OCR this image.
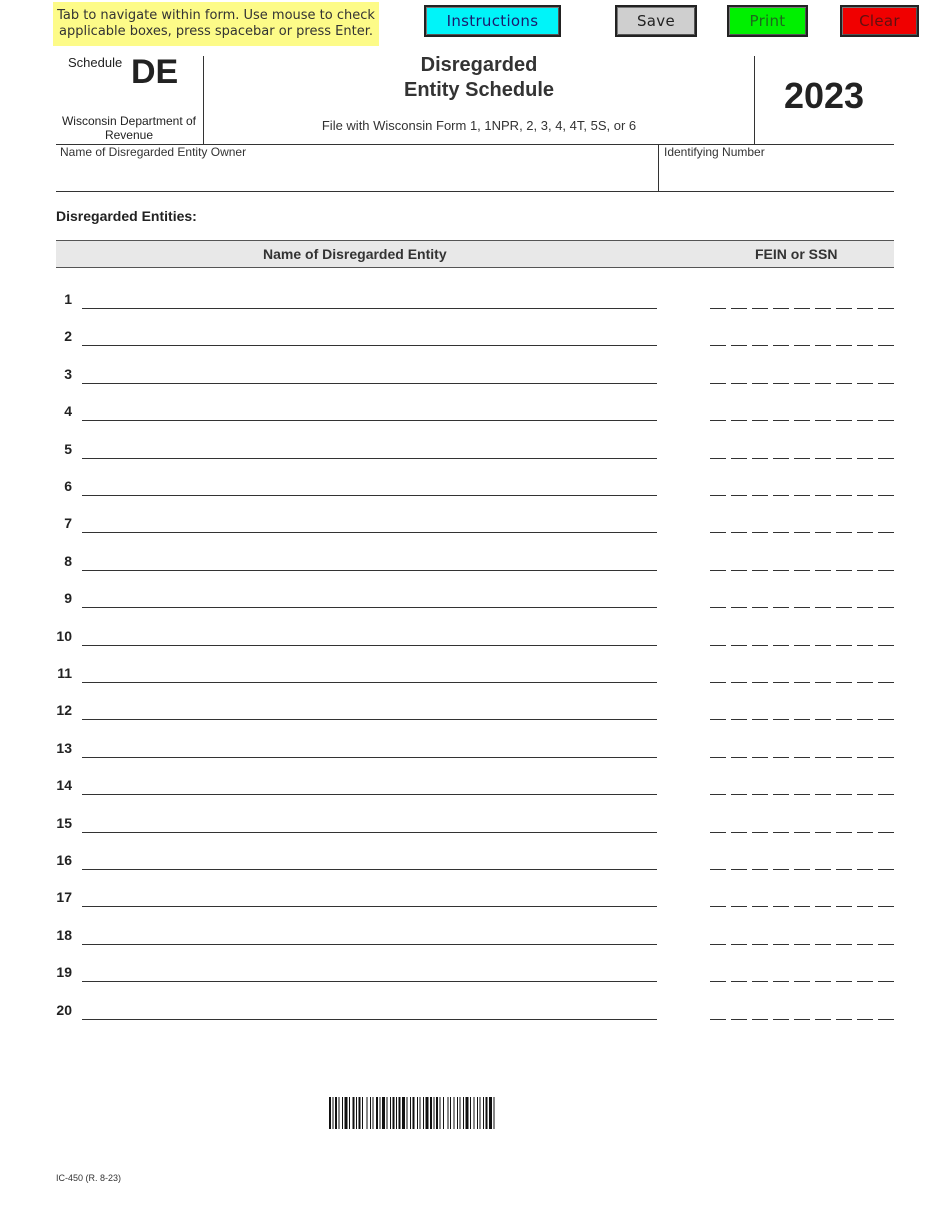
Tab to navigate within form. Use mouse to check applicable boxes, press spacebar or press Enter.
Instructions	Save	Print	Clear
Schedule DE
Wisconsin Department of Revenue
Disregarded
Entity Schedule
File with Wisconsin Form 1, 1NPR, 2, 3, 4, 4T, 5S, or 6
2023
Name of Disregarded Entity Owner	Identifying Number
Disregarded Entities:
Name of Disregarded Entity	FEIN or SSN
1
2
3
4
5
6
7
8
9
10
11
12
13
14
15
16
17
18
19
20
IC-450 (R. 8-23)
